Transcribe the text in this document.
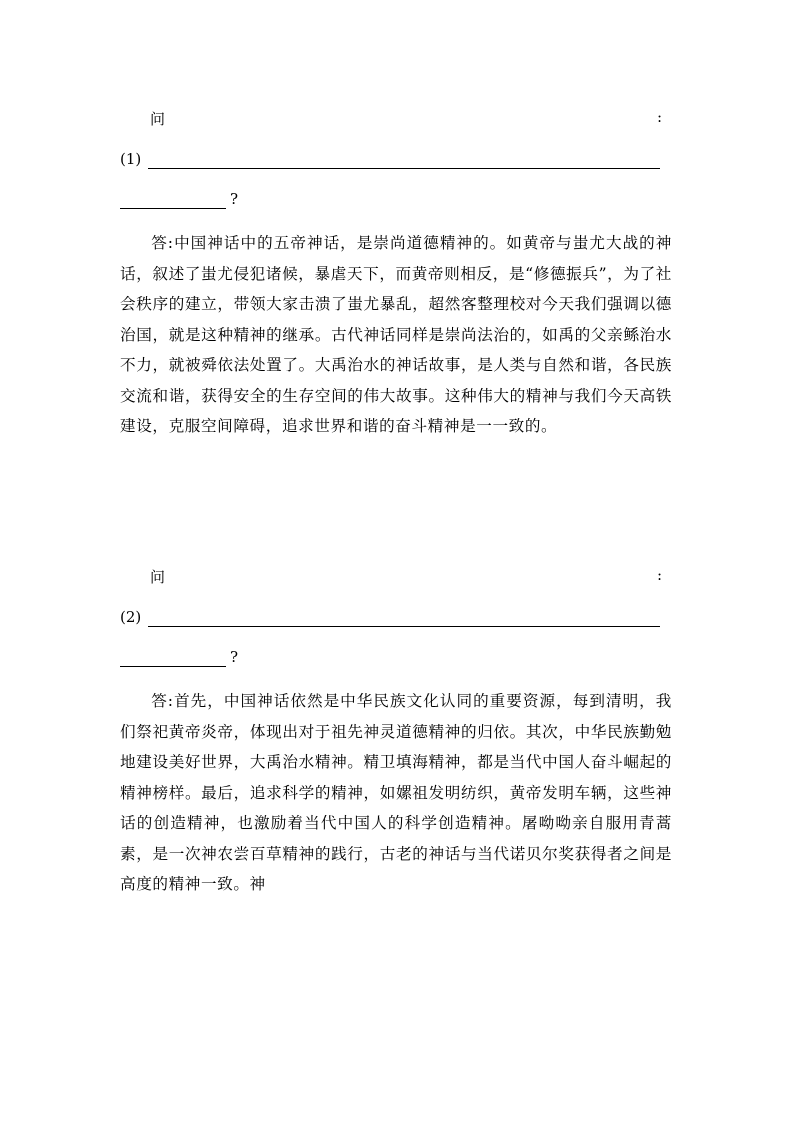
问	:
(1)
?

答:中国神话中的五帝神话，是崇尚道德精神的。如黄帝与蚩尤大战的神话，叙述了蚩尤侵犯诸候，暴虐天下，而黄帝则相反，是“修德振兵”，为了社会秩序的建立，带领大家击溃了蚩尤暴乱，超然客整理校对今天我们强调以德治国，就是这种精神的继承。古代神话同样是崇尚法治的，如禹的父亲鲧治水不力，就被舜依法处置了。大禹治水的神话故事，是人类与自然和谐，各民族交流和谐，获得安全的生存空间的伟大故事。这种伟大的精神与我们今天高铁建设，克服空间障碍，追求世界和谐的奋斗精神是一一致的。

问	:
(2)
?

答:首先，中国神话依然是中华民族文化认同的重要资源，每到清明，我们祭祀黄帝炎帝，体现出对于祖先神灵道德精神的归依。其次，中华民族勤勉地建设美好世界，大禹治水精神。精卫填海精神，都是当代中国人奋斗崛起的精神榜样。最后，追求科学的精神，如嫘祖发明纺织，黄帝发明车辆，这些神话的创造精神，也激励着当代中国人的科学创造精神。屠呦呦亲自服用青蒿素，是一次神农尝百草精神的践行，古老的神话与当代诺贝尔奖获得者之间是高度的精神一致。神
